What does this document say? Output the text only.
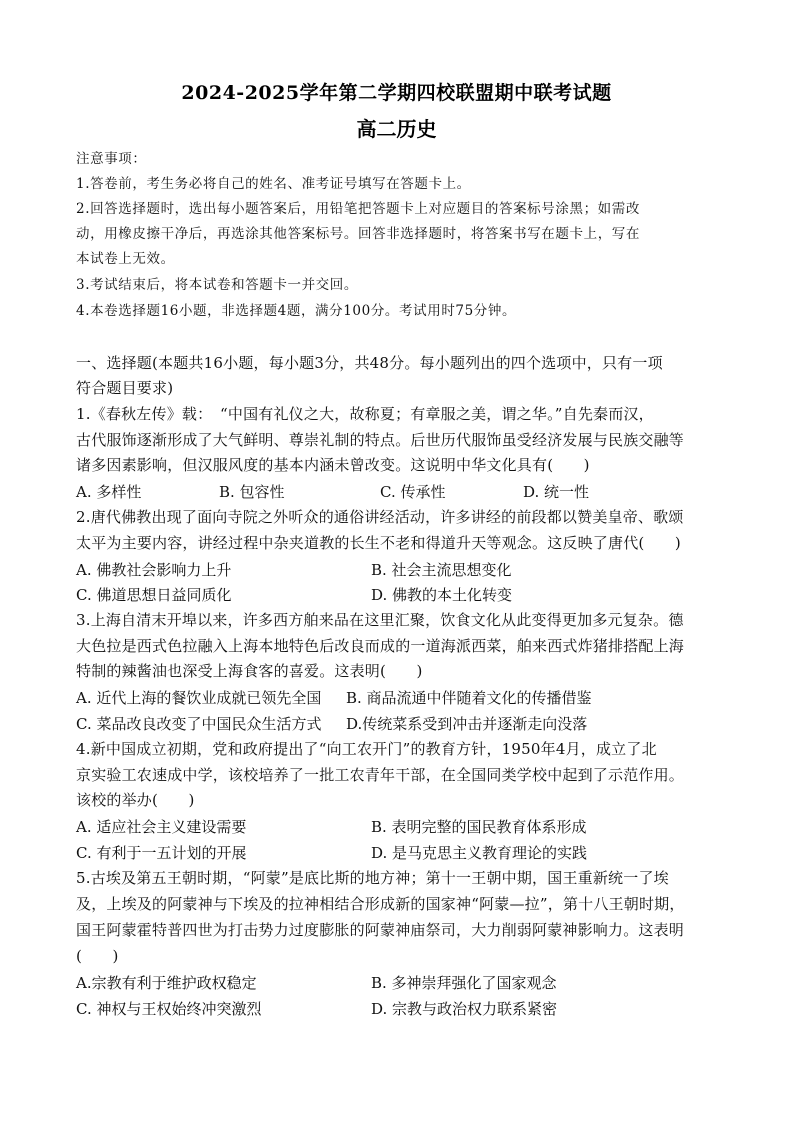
2024-2025学年第二学期四校联盟期中联考试题
高二历史
注意事项：
1.答卷前，考生务必将自己的姓名、准考证号填写在答题卡上。
2.回答选择题时，选出每小题答案后，用铅笔把答题卡上对应题目的答案标号涂黑；如需改
动，用橡皮擦干净后，再选涂其他答案标号。回答非选择题时，将答案书写在题卡上，写在
本试卷上无效。
3.考试结束后，将本试卷和答题卡一并交回。
4.本卷选择题16小题，非选择题4题，满分100分。考试用时75分钟。
一、选择题(本题共16小题，每小题3分，共48分。每小题列出的四个选项中，只有一项
符合题目要求)
1.《春秋左传》载：　“中国有礼仪之大，故称夏；有章服之美，谓之华。”自先秦而汉，
古代服饰逐渐形成了大气鲜明、尊崇礼制的特点。后世历代服饰虽受经济发展与民族交融等
诸多因素影响，但汉服风度的基本内涵未曾改变。这说明中华文化具有(　　)
A. 多样性	B. 包容性	C. 传承性	D. 统一性
2.唐代佛教出现了面向寺院之外听众的通俗讲经活动，许多讲经的前段都以赞美皇帝、歌颂
太平为主要内容，讲经过程中杂夹道教的长生不老和得道升天等观念。这反映了唐代(　　)
A. 佛教社会影响力上升	B. 社会主流思想变化
C. 佛道思想日益同质化	D. 佛教的本土化转变
3.上海自清末开埠以来，许多西方舶来品在这里汇聚，饮食文化从此变得更加多元复杂。德
大色拉是西式色拉融入上海本地特色后改良而成的一道海派西菜，舶来西式炸猪排搭配上海
特制的辣酱油也深受上海食客的喜爱。这表明(　　)
A. 近代上海的餐饮业成就已领先全国 B. 商品流通中伴随着文化的传播借鉴
C. 菜品改良改变了中国民众生活方式 D.传统菜系受到冲击并逐渐走向没落
4.新中国成立初期，党和政府提出了“向工农开门”的教育方针，1950年4月，成立了北
京实验工农速成中学，该校培养了一批工农青年干部，在全国同类学校中起到了示范作用。
该校的举办(　　)
A. 适应社会主义建设需要	B. 表明完整的国民教育体系形成
C. 有利于一五计划的开展	D. 是马克思主义教育理论的实践
5.古埃及第五王朝时期，“阿蒙”是底比斯的地方神；第十一王朝中期，国王重新统一了埃
及，上埃及的阿蒙神与下埃及的拉神相结合形成新的国家神“阿蒙—拉”，第十八王朝时期，
国王阿蒙霍特普四世为打击势力过度膨胀的阿蒙神庙祭司，大力削弱阿蒙神影响力。这表明
(　　)
A.宗教有利于维护政权稳定	B. 多神崇拜强化了国家观念
C. 神权与王权始终冲突激烈	D. 宗教与政治权力联系紧密
